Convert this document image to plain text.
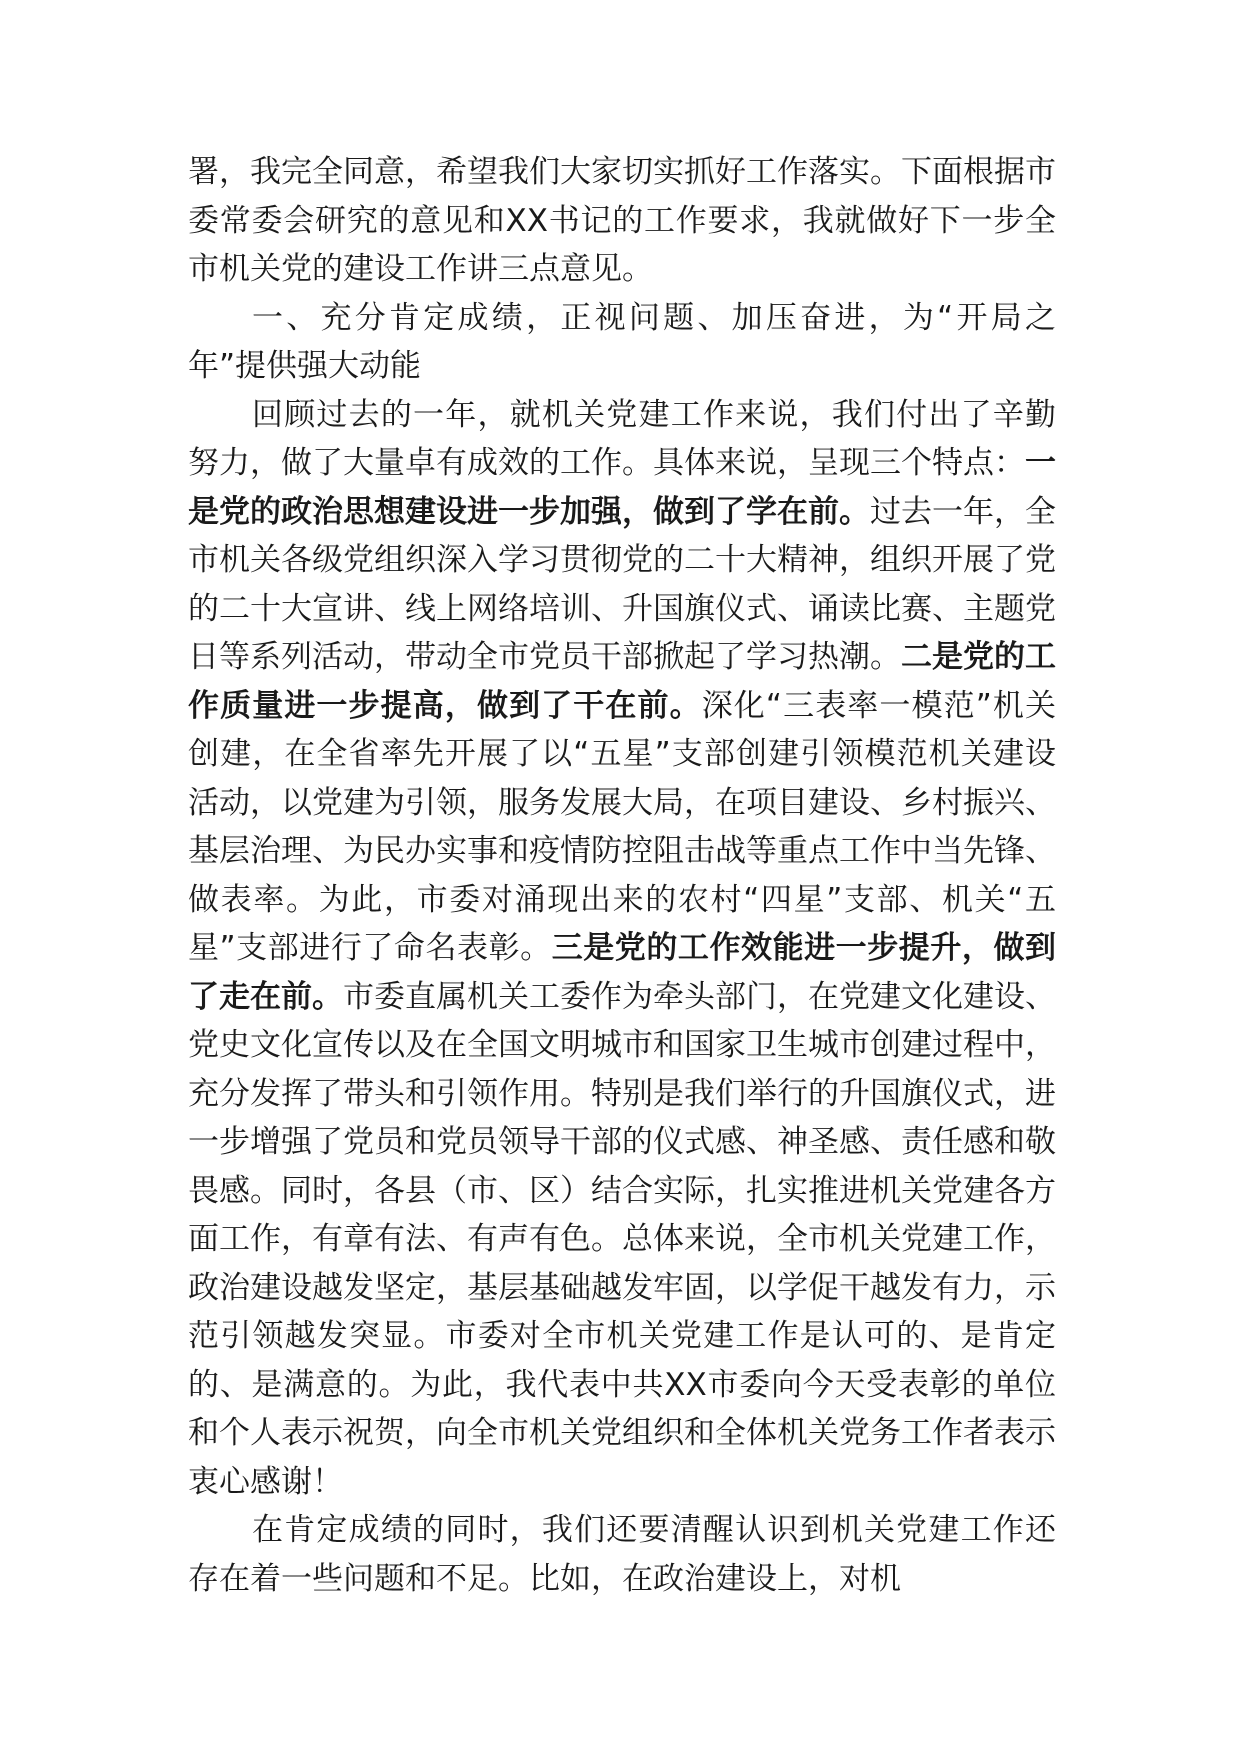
署，我完全同意，希望我们大家切实抓好工作落实。下面根据市委常委会研究的意见和XX书记的工作要求，我就做好下一步全市机关党的建设工作讲三点意见。

一、充分肯定成绩，正视问题、加压奋进，为“开局之年”提供强大动能

回顾过去的一年，就机关党建工作来说，我们付出了辛勤努力，做了大量卓有成效的工作。具体来说，呈现三个特点：一是党的政治思想建设进一步加强，做到了学在前。过去一年，全市机关各级党组织深入学习贯彻党的二十大精神，组织开展了党的二十大宣讲、线上网络培训、升国旗仪式、诵读比赛、主题党日等系列活动，带动全市党员干部掀起了学习热潮。二是党的工作质量进一步提高，做到了干在前。深化“三表率一模范”机关创建，在全省率先开展了以“五星”支部创建引领模范机关建设活动，以党建为引领，服务发展大局，在项目建设、乡村振兴、基层治理、为民办实事和疫情防控阻击战等重点工作中当先锋、做表率。为此，市委对涌现出来的农村“四星”支部、机关“五星”支部进行了命名表彰。三是党的工作效能进一步提升，做到了走在前。市委直属机关工委作为牵头部门，在党建文化建设、党史文化宣传以及在全国文明城市和国家卫生城市创建过程中，充分发挥了带头和引领作用。特别是我们举行的升国旗仪式，进一步增强了党员和党员领导干部的仪式感、神圣感、责任感和敬畏感。同时，各县（市、区）结合实际，扎实推进机关党建各方面工作，有章有法、有声有色。总体来说，全市机关党建工作，政治建设越发坚定，基层基础越发牢固，以学促干越发有力，示范引领越发突显。市委对全市机关党建工作是认可的、是肯定的、是满意的。为此，我代表中共XX市委向今天受表彰的单位和个人表示祝贺，向全市机关党组织和全体机关党务工作者表示衷心感谢！

在肯定成绩的同时，我们还要清醒认识到机关党建工作还存在着一些问题和不足。比如，在政治建设上，对机
